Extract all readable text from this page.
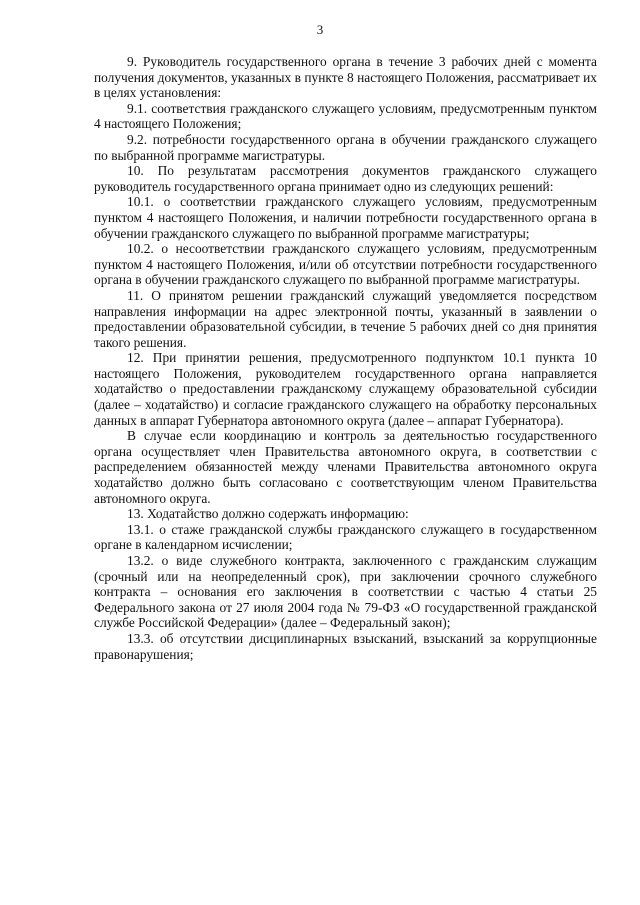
3

9. Руководитель государственного органа в течение 3 рабочих дней с момента получения документов, указанных в пункте 8 настоящего Положения, рассматривает их в целях установления:

9.1. соответствия гражданского служащего условиям, предусмотренным пунктом 4 настоящего Положения;

9.2. потребности государственного органа в обучении гражданского служащего по выбранной программе магистратуры.

10. По результатам рассмотрения документов гражданского служащего руководитель государственного органа принимает одно из следующих решений:

10.1. о соответствии гражданского служащего условиям, предусмотренным пунктом 4 настоящего Положения, и наличии потребности государственного органа в обучении гражданского служащего по выбранной программе магистратуры;

10.2. о несоответствии гражданского служащего условиям, предусмотренным пунктом 4 настоящего Положения, и/или об отсутствии потребности государственного органа в обучении гражданского служащего по выбранной программе магистратуры.

11. О принятом решении гражданский служащий уведомляется посредством направления информации на адрес электронной почты, указанный в заявлении о предоставлении образовательной субсидии, в течение 5 рабочих дней со дня принятия такого решения.

12. При принятии решения, предусмотренного подпунктом 10.1 пункта 10 настоящего Положения, руководителем государственного органа направляется ходатайство о предоставлении гражданскому служащему образовательной субсидии (далее – ходатайство) и согласие гражданского служащего на обработку персональных данных в аппарат Губернатора автономного округа (далее – аппарат Губернатора).

В случае если координацию и контроль за деятельностью государственного органа осуществляет член Правительства автономного округа, в соответствии с распределением обязанностей между членами Правительства автономного округа ходатайство должно быть согласовано с соответствующим членом Правительства автономного округа.

13. Ходатайство должно содержать информацию:

13.1. о стаже гражданской службы гражданского служащего в государственном органе в календарном исчислении;

13.2. о виде служебного контракта, заключенного с гражданским служащим (срочный или на неопределенный срок), при заключении срочного служебного контракта – основания его заключения в соответствии с частью 4 статьи 25 Федерального закона от 27 июля 2004 года № 79-ФЗ «О государственной гражданской службе Российской Федерации» (далее – Федеральный закон);

13.3. об отсутствии дисциплинарных взысканий, взысканий за коррупционные правонарушения;
